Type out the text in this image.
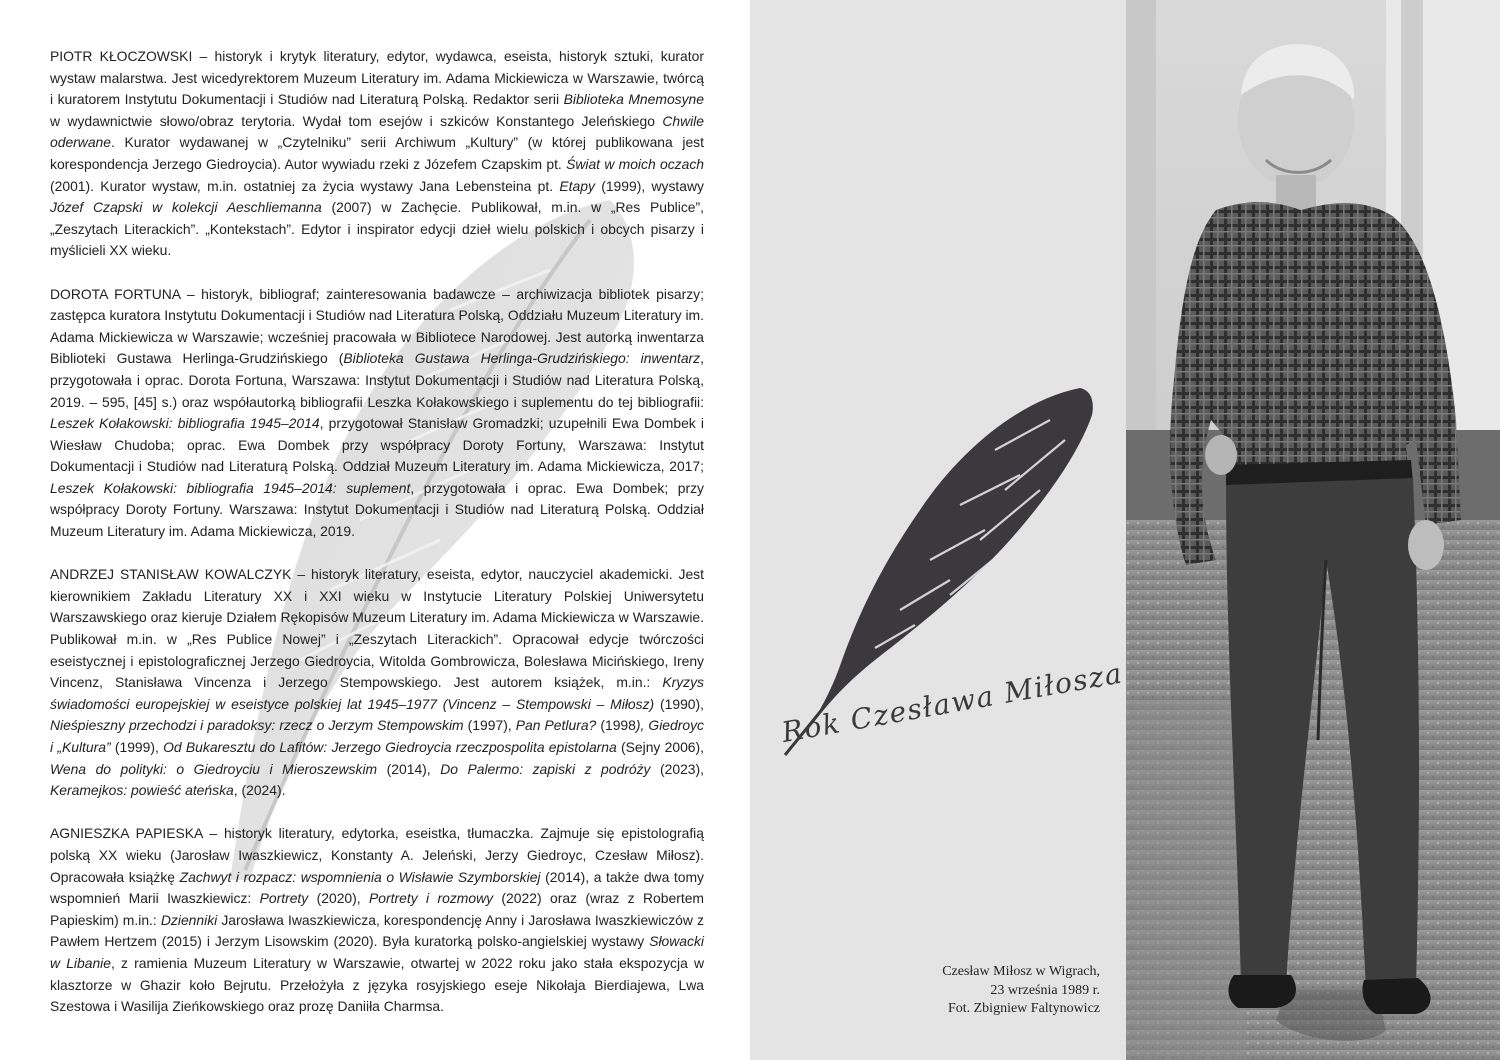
PIOTR KŁOCZOWSKI – historyk i krytyk literatury, edytor, wydawca, eseista, historyk sztuki, kurator wystaw malarstwa. Jest wicedyrektorem Muzeum Literatury im. Adama Mickiewicza w Warszawie, twórcą i kuratorem Instytutu Dokumentacji i Studiów nad Literaturą Polską. Redaktor serii Biblioteka Mnemosyne w wydawnictwie słowo/obraz terytoria. Wydał tom esejów i szkiców Konstantego Jeleńskiego Chwile oderwane. Kurator wydawanej w „Czytelniku” serii Archiwum „Kultury” (w której publikowana jest korespondencja Jerzego Giedroycia). Autor wywiadu rzeki z Józefem Czapskim pt. Świat w moich oczach (2001). Kurator wystaw, m.in. ostatniej za życia wystawy Jana Lebensteina pt. Etapy (1999), wystawy Józef Czapski w kolekcji Aeschliemanna (2007) w Zachęcie. Publikował, m.in. w „Res Publice”, „Zeszytach Literackich”. „Kontekstach”. Edytor i inspirator edycji dzieł wielu polskich i obcych pisarzy i myślicieli XX wieku.

DOROTA FORTUNA – historyk, bibliograf; zainteresowania badawcze – archiwizacja bibliotek pisarzy; zastępca kuratora Instytutu Dokumentacji i Studiów nad Literatura Polską, Oddziału Muzeum Literatury im. Adama Mickiewicza w Warszawie; wcześniej pracowała w Bibliotece Narodowej. Jest autorką inwentarza Biblioteki Gustawa Herlinga-Grudzińskiego (Biblioteka Gustawa Herlinga-Grudzińskiego: inwentarz, przygotowała i oprac. Dorota Fortuna, Warszawa: Instytut Dokumentacji i Studiów nad Literatura Polską, 2019. – 595, [45] s.) oraz współautorką bibliografii Leszka Kołakowskiego i suplementu do tej bibliografii: Leszek Kołakowski: bibliografia 1945–2014, przygotował Stanisław Gromadzki; uzupełnili Ewa Dombek i Wiesław Chudoba; oprac. Ewa Dombek przy współpracy Doroty Fortuny, Warszawa: Instytut Dokumentacji i Studiów nad Literaturą Polską. Oddział Muzeum Literatury im. Adama Mickiewicza, 2017; Leszek Kołakowski: bibliografia 1945–2014: suplement, przygotowała i oprac. Ewa Dombek; przy współpracy Doroty Fortuny. Warszawa: Instytut Dokumentacji i Studiów nad Literaturą Polską. Oddział Muzeum Literatury im. Adama Mickiewicza, 2019.

ANDRZEJ STANISŁAW KOWALCZYK – historyk literatury, eseista, edytor, nauczyciel akademicki. Jest kierownikiem Zakładu Literatury XX i XXI wieku w Instytucie Literatury Polskiej Uniwersytetu Warszawskiego oraz kieruje Działem Rękopisów Muzeum Literatury im. Adama Mickiewicza w Warszawie. Publikował m.in. w „Res Publice Nowej” i „Zeszytach Literackich”. Opracował edycje twórczości eseistycznej i epistolograficznej Jerzego Giedroycia, Witolda Gombrowicza, Bolesława Micińskiego, Ireny Vincenz, Stanisława Vincenza i Jerzego Stempowskiego. Jest autorem książek, m.in.: Kryzys świadomości europejskiej w eseistyce polskiej lat 1945–1977 (Vincenz – Stempowski – Miłosz) (1990), Nieśpieszny przechodzi i paradoksy: rzecz o Jerzym Stempowskim (1997), Pan Petlura? (1998), Giedroyc i „Kultura” (1999), Od Bukaresztu do Lafitów: Jerzego Giedroycia rzeczpospolita epistolarna (Sejny 2006), Wena do polityki: o Giedroyciu i Mieroszewskim (2014), Do Palermo: zapiski z podróży (2023), Keramejkos: powieść ateńska, (2024).

AGNIESZKA PAPIESKA – historyk literatury, edytorka, eseistka, tłumaczka. Zajmuje się epistolografią polską XX wieku (Jarosław Iwaszkiewicz, Konstanty A. Jeleński, Jerzy Giedroyc, Czesław Miłosz). Opracowała książkę Zachwyt i rozpacz: wspomnienia o Wisławie Szymborskiej (2014), a także dwa tomy wspomnień Marii Iwaszkiewicz: Portrety (2020), Portrety i rozmowy (2022) oraz (wraz z Robertem Papieskim) m.in.: Dzienniki Jarosława Iwaszkiewicza, korespondencję Anny i Jarosława Iwaszkiewiczów z Pawłem Hertzem (2015) i Jerzym Lisowskim (2020). Była kuratorką polsko-angielskiej wystawy Słowacki w Libanie, z ramienia Muzeum Literatury w Warszawie, otwartej w 2022 roku jako stała ekspozycja w klasztorze w Ghazir koło Bejrutu. Przełożyła z języka rosyjskiego eseje Nikołaja Bierdiajewa, Lwa Szestowa i Wasilija Zieńkowskiego oraz prozę Daniiła Charmsa.

Rok Czesława Miłosza
Czesław Miłosz w Wigrach,
23 września 1989 r.
Fot. Zbigniew Faltynowicz
